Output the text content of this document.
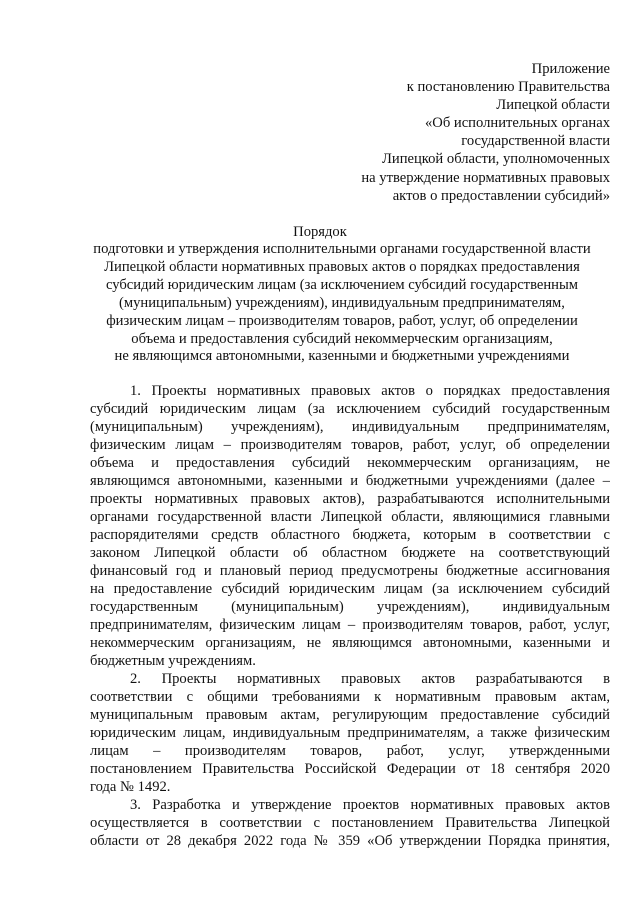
Приложение
к постановлению Правительства
Липецкой области
«Об исполнительных органах
государственной власти
Липецкой области, уполномоченных
на утверждение нормативных правовых
актов о предоставлении субсидий»
Порядок
подготовки и утверждения исполнительными органами государственной власти
Липецкой области нормативных правовых актов о порядках предоставления
субсидий юридическим лицам (за исключением субсидий государственным
(муниципальным) учреждениям), индивидуальным предпринимателям,
физическим лицам – производителям товаров, работ, услуг, об определении
объема и предоставления субсидий некоммерческим организациям,
не являющимся автономными, казенными и бюджетными учреждениями
1. Проекты нормативных правовых актов о порядках предоставления
субсидий юридическим лицам (за исключением субсидий государственным
(муниципальным) учреждениям), индивидуальным предпринимателям,
физическим лицам – производителям товаров, работ, услуг, об определении
объема и предоставления субсидий некоммерческим организациям, не
являющимся автономными, казенными и бюджетными учреждениями (далее –
проекты нормативных правовых актов), разрабатываются исполнительными
органами государственной власти Липецкой области, являющимися главными
распорядителями средств областного бюджета, которым в соответствии с
законом Липецкой области об областном бюджете на соответствующий
финансовый год и плановый период предусмотрены бюджетные ассигнования
на предоставление субсидий юридическим лицам (за исключением субсидий
государственным (муниципальным) учреждениям), индивидуальным
предпринимателям, физическим лицам – производителям товаров, работ, услуг,
некоммерческим организациям, не являющимся автономными, казенными и
бюджетным учреждениям.
2. Проекты нормативных правовых актов разрабатываются в
соответствии с общими требованиями к нормативным правовым актам,
муниципальным правовым актам, регулирующим предоставление субсидий
юридическим лицам, индивидуальным предпринимателям, а также физическим
лицам – производителям товаров, работ, услуг, утвержденными
постановлением Правительства Российской Федерации от 18 сентября 2020
года № 1492.
3. Разработка и утверждение проектов нормативных правовых актов
осуществляется в соответствии с постановлением Правительства Липецкой
области от 28 декабря 2022 года № 359 «Об утверждении Порядка принятия,
